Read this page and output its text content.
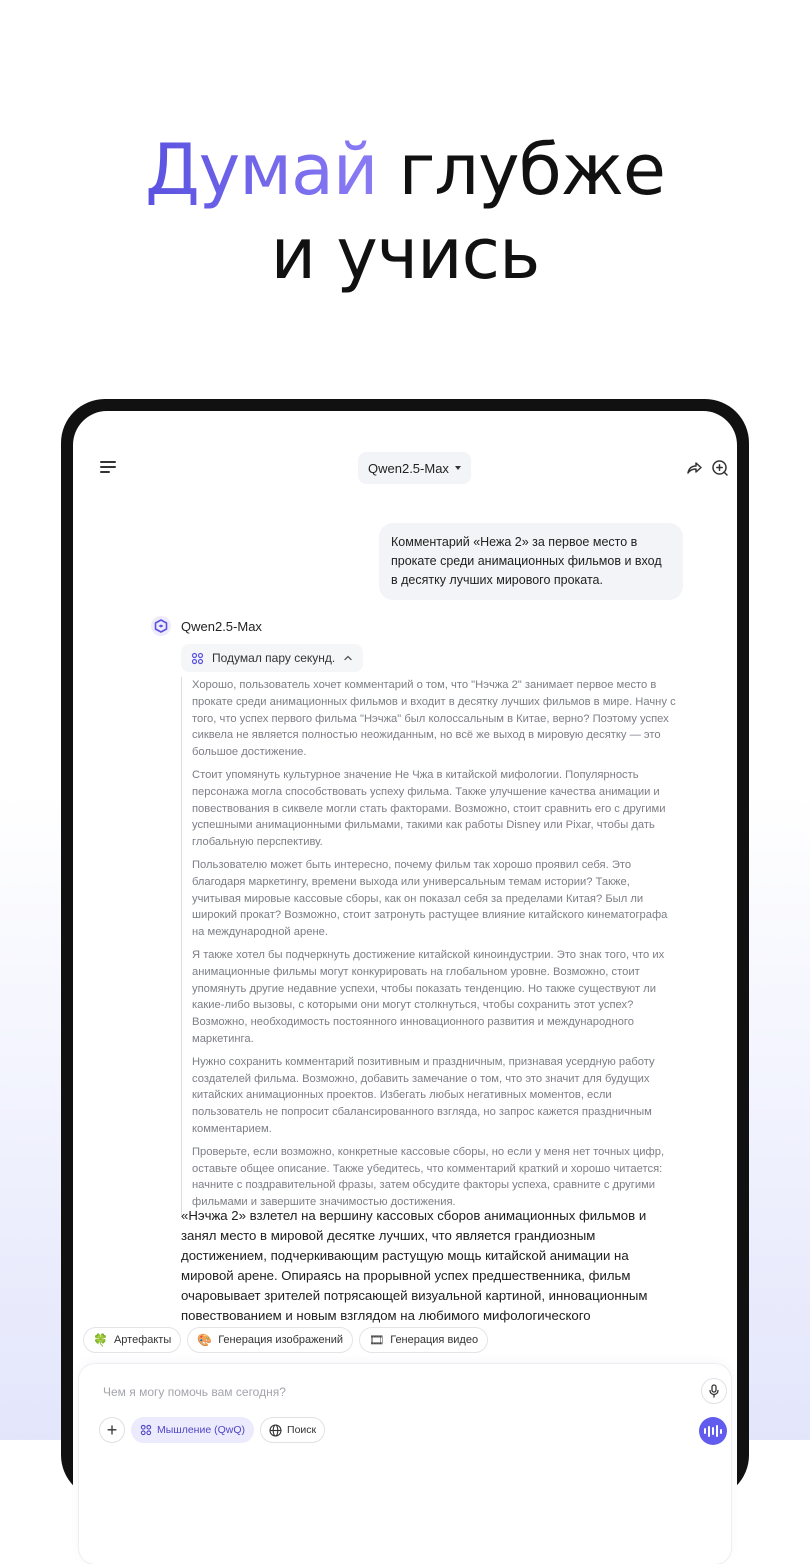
Думай глубже
и учись
Qwen2.5-Max
Комментарий «Нежа 2» за первое место в прокате среди анимационных фильмов и вход в десятку лучших мирового проката.
Qwen2.5-Max
Подумал пару секунд.

Хорошо, пользователь хочет комментарий о том, что "Нэчжа 2" занимает первое место в прокате среди анимационных фильмов и входит в десятку лучших фильмов в мире. Начну с того, что успех первого фильма "Нэчжа" был колоссальным в Китае, верно? Поэтому успех сиквела не является полностью неожиданным, но всё же выход в мировую десятку — это большое достижение.

Стоит упомянуть культурное значение Не Чжа в китайской мифологии. Популярность персонажа могла способствовать успеху фильма. Также улучшение качества анимации и повествования в сиквеле могли стать факторами. Возможно, стоит сравнить его с другими успешными анимационными фильмами, такими как работы Disney или Pixar, чтобы дать глобальную перспективу.

Пользователю может быть интересно, почему фильм так хорошо проявил себя. Это благодаря маркетингу, времени выхода или универсальным темам истории? Также, учитывая мировые кассовые сборы, как он показал себя за пределами Китая? Был ли широкий прокат? Возможно, стоит затронуть растущее влияние китайского кинематографа на международной арене.

Я также хотел бы подчеркнуть достижение китайской киноиндустрии. Это знак того, что их анимационные фильмы могут конкурировать на глобальном уровне. Возможно, стоит упомянуть другие недавние успехи, чтобы показать тенденцию. Но также существуют ли какие-либо вызовы, с которыми они могут столкнуться, чтобы сохранить этот успех? Возможно, необходимость постоянного инновационного развития и международного маркетинга.

Нужно сохранить комментарий позитивным и праздничным, признавая усердную работу создателей фильма. Возможно, добавить замечание о том, что это значит для будущих китайских анимационных проектов. Избегать любых негативных моментов, если пользователь не попросит сбалансированного взгляда, но запрос кажется праздничным комментарием.

Проверьте, если возможно, конкретные кассовые сборы, но если у меня нет точных цифр, оставьте общее описание. Также убедитесь, что комментарий краткий и хорошо читается: начните с поздравительной фразы, затем обсудите факторы успеха, сравните с другими фильмами и завершите значимостью достижения.

«Нэчжа 2» взлетел на вершину кассовых сборов анимационных фильмов и занял место в мировой десятке лучших, что является грандиозным достижением, подчеркивающим растущую мощь китайской анимации на мировой арене. Опираясь на прорывной успех предшественника, фильм очаровывает зрителей потрясающей визуальной картиной, инновационным повествованием и новым взглядом на любимого мифологического
🍀 Артефакты 🎨 Генерация изображений 🎞 Генерация видео
Чем я могу помочь вам сегодня?
+	Мышление (QwQ)	Поиск
